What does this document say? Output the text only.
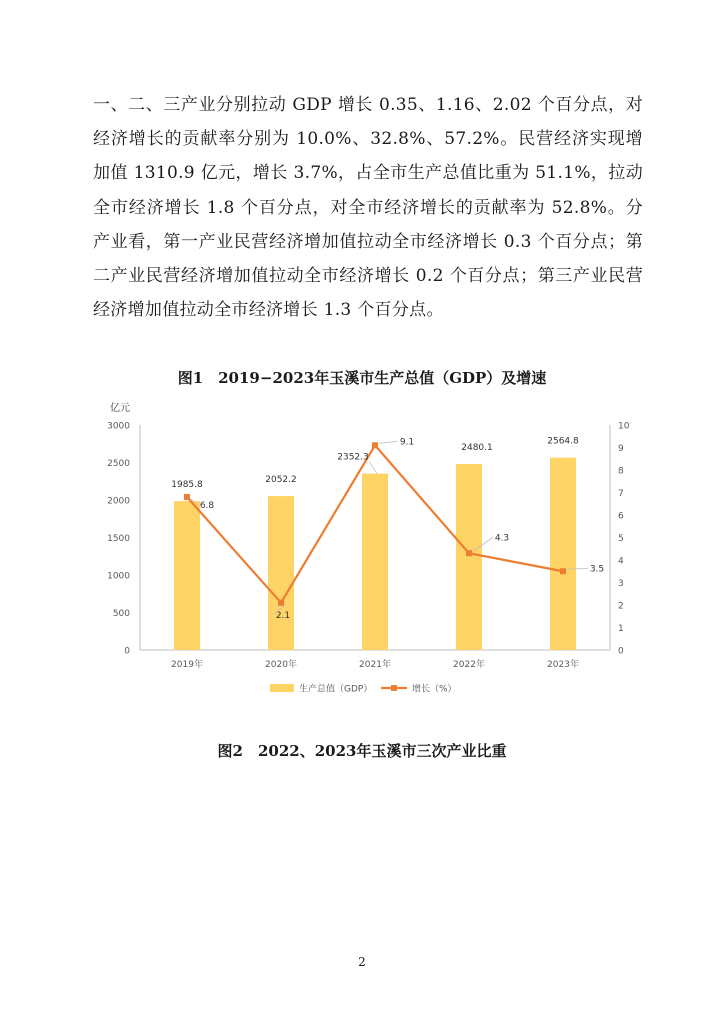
一、二、三产业分别拉动 GDP 增长 0.35、1.16、2.02 个百分点，对经济增长的贡献率分别为 10.0%、32.8%、57.2%。民营经济实现增加值 1310.9 亿元，增长 3.7%，占全市生产总值比重为 51.1%，拉动全市经济增长 1.8 个百分点，对全市经济增长的贡献率为 52.8%。分产业看，第一产业民营经济增加值拉动全市经济增长 0.3 个百分点；第二产业民营经济增加值拉动全市经济增长 0.2 个百分点；第三产业民营经济增加值拉动全市经济增长 1.3 个百分点。

图1　2019−2023年玉溪市生产总值（GDP）及增速
0
500
1000
1500
2000
2500
3000
0
1
2
3
4
5
6
7
8
9
10
亿元
2019年	2020年	2021年	2022年	2023年
1985.8	2052.2
2352.3
2480.1
2564.8
6.8
2.1
9.1
4.3
3.5
生产总值（GDP）	增长（%）
图2　2022、2023年玉溪市三次产业比重
2
